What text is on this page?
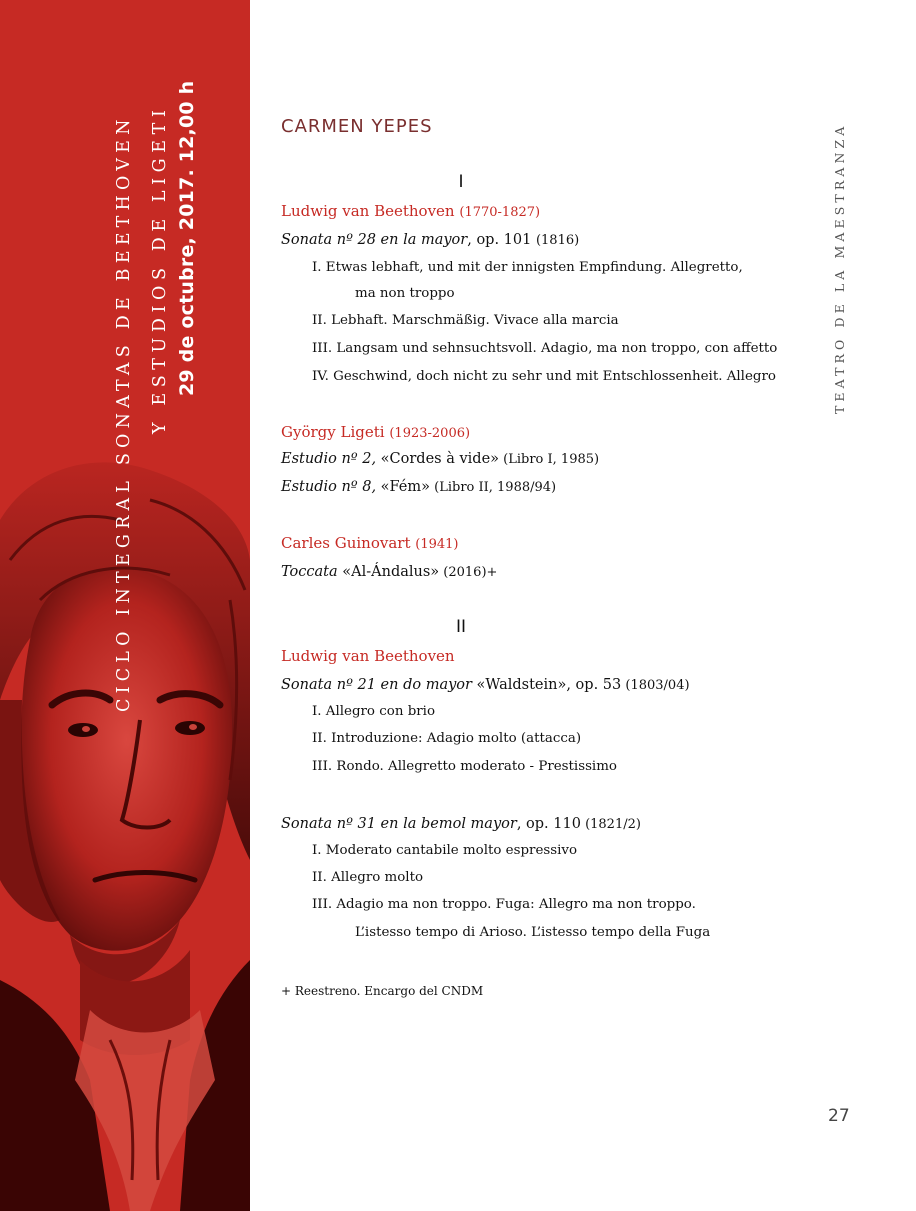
CICLO INTEGRAL SONATAS DE BEETHOVEN Y ESTUDIOS DE LIGETI 29 de octubre, 2017. 12,00 h	TEATRO DE LA MAESTRANZA
CARMEN YEPES
I
Ludwig van Beethoven (1770-1827)
Sonata nº 28 en la mayor, op. 101 (1816)
I. Etwas lebhaft, und mit der innigsten Empfindung. Allegretto,
ma non troppo
II. Lebhaft. Marschmäßig. Vivace alla marcia
III. Langsam und sehnsuchtsvoll. Adagio, ma non troppo, con affetto
IV. Geschwind, doch nicht zu sehr und mit Entschlossenheit. Allegro
György Ligeti (1923-2006)
Estudio nº 2, «Cordes à vide» (Libro I, 1985)
Estudio nº 8, «Fém» (Libro II, 1988/94)
Carles Guinovart (1941)
Toccata «Al-Ándalus» (2016)+
II
Ludwig van Beethoven
Sonata nº 21 en do mayor «Waldstein», op. 53 (1803/04)
I. Allegro con brio
II. Introduzione: Adagio molto (attacca)
III. Rondo. Allegretto moderato - Prestissimo
Sonata nº 31 en la bemol mayor, op. 110 (1821/2)
I. Moderato cantabile molto espressivo
II. Allegro molto
III. Adagio ma non troppo. Fuga: Allegro ma non troppo.
L’istesso tempo di Arioso. L’istesso tempo della Fuga
+ Reestreno. Encargo del CNDM
27
